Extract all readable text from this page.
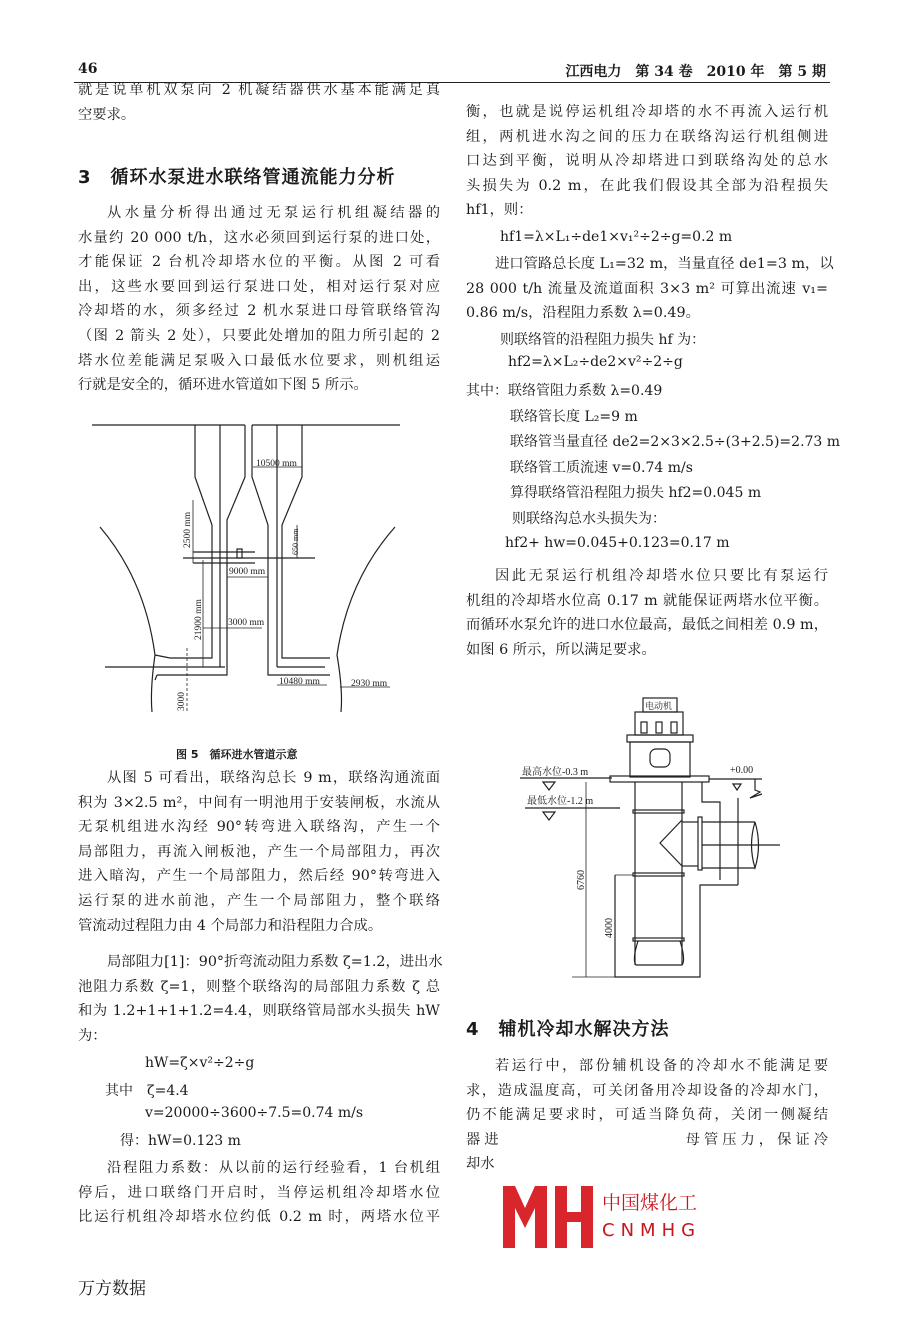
46	江西电力　第 34 卷　2010 年　第 5 期
就是说单机双泵向 2 机凝结器供水基本能满足真
空要求。
3　循环水泵进水联络管通流能力分析
从水量分析得出通过无泵运行机组凝结器的
水量约 20 000 t/h，这水必须回到运行泵的进口处，
才能保证 2 台机冷却塔水位的平衡。从图 2 可看
出，这些水要回到运行泵进口处，相对运行泵对应
冷却塔的水，须多经过 2 机水泵进口母管联络管沟
（图 2 箭头 2 处），只要此处增加的阻力所引起的 2
塔水位差能满足泵吸入口最低水位要求，则机组运
行就是安全的，循环进水管道如下图 5 所示。
10500 mm
2500 mm	650 mm
9000 mm
21900 mm	3000 mm
10480 mm	2930 mm
3000
图 5　循环进水管道示意
从图 5 可看出，联络沟总长 9 m，联络沟通流面
积为 3×2.5 m²，中间有一明池用于安装闸板，水流从
无泵机组进水沟经 90°转弯进入联络沟，产生一个
局部阻力，再流入闸板池，产生一个局部阻力，再次
进入暗沟，产生一个局部阻力，然后经 90°转弯进入
运行泵的进水前池，产生一个局部阻力，整个联络
管流动过程阻力由 4 个局部力和沿程阻力合成。
局部阻力[1]：90°折弯流动阻力系数 ζ=1.2，进出水
池阻力系数 ζ=1，则整个联络沟的局部阻力系数 ζ 总
和为 1.2+1+1+1.2=4.4，则联络管局部水头损失 hW
为：
hW=ζ×v²÷2÷g
其中　ζ=4.4
v=20000÷3600÷7.5=0.74 m/s
得：hW=0.123 m
沿程阻力系数：从以前的运行经验看，1 台机组
停后，进口联络门开启时，当停运机组冷却塔水位
比运行机组冷却塔水位约低 0.2 m 时，两塔水位平
衡，也就是说停运机组冷却塔的水不再流入运行机
组，两机进水沟之间的压力在联络沟运行机组侧进
口达到平衡，说明从冷却塔进口到联络沟处的总水
头损失为 0.2 m，在此我们假设其全部为沿程损失
hf1，则：
hf1=λ×L₁÷de1×v₁²÷2÷g=0.2 m
进口管路总长度 L₁=32 m，当量直径 de1=3 m，以
28 000 t/h 流量及流道面积 3×3 m² 可算出流速 v₁=
0.86 m/s，沿程阻力系数 λ=0.49。
则联络管的沿程阻力损失 hf 为：
hf2=λ×L₂÷de2×v²÷2÷g
其中：联络管阻力系数 λ=0.49
联络管长度 L₂=9 m
联络管当量直径 de2=2×3×2.5÷(3+2.5)=2.73 m
联络管工质流速 v=0.74 m/s
算得联络管沿程阻力损失 hf2=0.045 m
则联络沟总水头损失为：
hf2+ hw=0.045+0.123=0.17 m
因此无泵运行机组冷却塔水位只要比有泵运行
机组的冷却塔水位高 0.17 m 就能保证两塔水位平衡。
而循环水泵允许的进口水位最高，最低之间相差 0.9 m，
如图 6 所示，所以满足要求。
电动机
最高水位-0.3 m
最低水位-1.2 m
+0.00
6760
4000
4　辅机冷却水解决方法
若运行中，部份辅机设备的冷却水不能满足要
求，造成温度高，可关闭备用冷却设备的冷却水门，
仍不能满足要求时，可适当降负荷，关闭一侧凝结
器进　　　　　　　　　　母管压力，保证冷
却水
中国煤化工
CNMHG
万方数据
